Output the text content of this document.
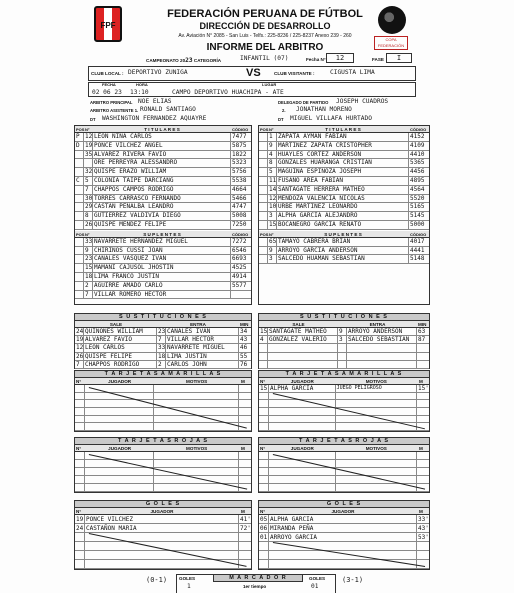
FPF
COPA FEDERACIÓN
FEDERACIÓN PERUANA DE FÚTBOL
DIRECCIÓN DE DESARROLLO
Av. Aviación N° 2085 - San Luis - Telfs.: 225-8236 / 225-8237 Anexo 239 - 260
INFORME DEL ARBITRO
CAMPEONATO 2023 CATEGORÍA	INFANTIL (07)	Fecha N°	12	FASE	I
CLUB LOCAL : DEPORTIVO ZÚÑIGA	VS	CLUB VISITANTE :	CIGUSTA LIMA
FECHA
02 06 23
HORA
13:10
LUGAR
CAMPO DEPORTIVO HUACHIPA - ATE
ARBITRO PRINCIPAL NOE ELIAS
ARBITRO ASISTENTE 1. RONALD SANTIAGO
DT WASHINGTON FERNANDEZ AQUAYRE
DELEGADO DE PARTIDO JOSEPH CUADROS
2. JONATHAN MORENO
DT MIGUEL VILLAFA HURTADO
POS N°	T I T U L A R E S	CÓDIGO
P 12 LEON NINA CARLOS	7477
D 19 PONCE VILCHEZ ANGEL	5875
35 ALVAREZ RIVERA FAVIO	1822
ORE PERREYRA ALESSANDRO	5323
32 QUISPE ERAZO WILLIAM	5756
C 5 COLONIA TAIPE DARCIANG	5538
7 CHAPPOS CAMPOS RODRIGO	4664
30 TORRES CARRASCO FERNANDO	5466
29 CASTAN PEÑALBA LEANDRO	4747
8 GUTIERREZ VALDIVIA DIEGO	5008
26 QUISPE MENDEZ FELIPE	7250
POS N°	S U P L E N T E S	CÓDIGO
33 NAVARRETE HERNANDEZ MIGUEL	7272
9 CHIRINOS CUSSI JOAN	6546
23 CANALES VASQUEZ IVAN	6693
15 MAMANI CAJUSOL JHOSTIN	4525
18 LIMA FRANCO JUSTIN	4914
2 AGUIRRE AMADO CARLO	5577
7 VILLAR ROMERO HECTOR
POS N°	T I T U L A R E S	CÓDIGO
1 ZAPATA AYMAN FABIAN	4152
9 MARTINEZ ZAPATA CRISTOPHER	4109
4 HUAYLES CORTEZ ANDERSON	4410
8 GONZALES HUARANGA CRISTIAN	5365
5 MAGUIÑA ESPINOZA JOSEPH	4456
11 FUSANO AREA FABIAN	4895
14 SANTAGATE HERRERA MATHEO	4564
12 MENDOZA VALENCIA NICOLAS	5520
10 URBE MARTINEZ LEONARDO	5165
3 ALPHA GARCIA ALEJANDRO	5145
15 BOCANEGRO GARCIA RENATO	5000
POS N°	S U P L E N T E S	CÓDIGO
65 TAMAYO CABRERA BRIAN	4017
9 ARROYO GARCIA ANDERSON	4441
3 SALCEDO HUAMAN SEBASTIAN	5148
S U S T I T U C I O N E S
SALE	ENTRA	MIN
24 QUIÑONES WILLIAM	23 CANALES IVAN	34
19 ALVAREZ FAVIO	7 VILLAR HECTOR	43
12 LEON CARLOS	33 NAVARRETE MIGUEL	46
26 QUISPE FELIPE	18 LIMA JUSTIN	55
7 CHAPPOS RODRIGO	2 CARLOS JOHN	76
S U S T I T U C I O N E S
SALE	ENTRA	MIN
15 SANTAGATE MATHEO	9 ARROYO ANDERSON	63
4 GONZALEZ VALERIO	3 SALCEDO SEBASTIAN	87
T A R J E T A S A M A R I L L A S
N°	JUGADOR	MOTIVOS	M
T A R J E T A S A M A R I L L A S
N°	JUGADOR	MOTIVOS	M
15 ALPHA GARCIA	JUEGO PELIGROSO	15'
T A R J E T A S R O J A S
N°	JUGADOR	MOTIVOS	M
T A R J E T A S R O J A S
N°	JUGADOR	MOTIVOS	M
G O L E S
N°	JUGADOR	M
19 PONCE VILCHEZ	41'
24 CASTAÑON MARIA	72'
G O L E S
N°	JUGADOR	M
05 ALPHA GARCIA	33'
06 MIRANDA PEÑA	43'
01 ARROYO GARCIA	53'
M A R C A D O R
GOLES	GOLES
1er tiempo
1	01
(0-1)	(3-1)
